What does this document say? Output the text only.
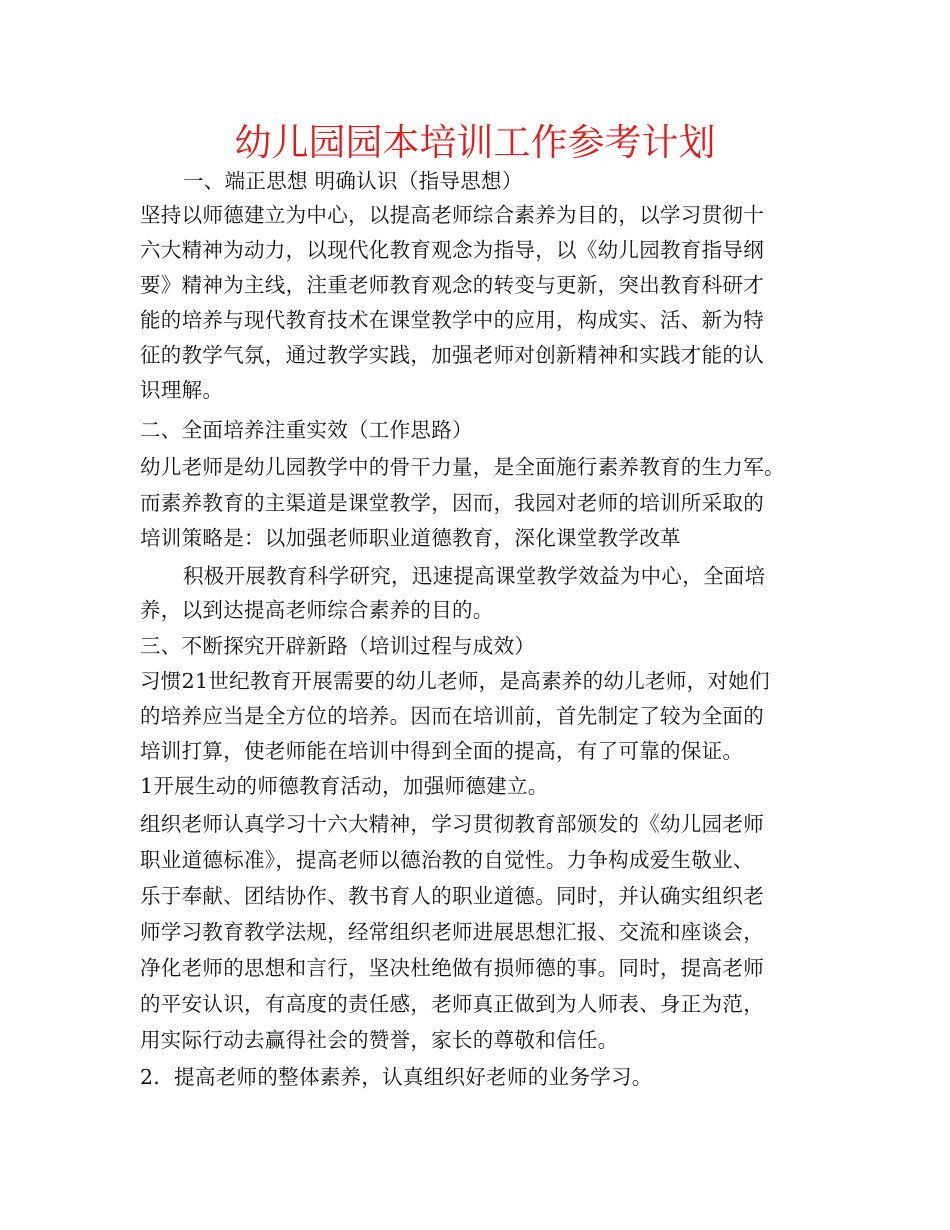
幼儿园园本培训工作参考计划
一、端正思想 明确认识（指导思想）
坚持以师德建立为中心，以提高老师综合素养为目的，以学习贯彻十
六大精神为动力，以现代化教育观念为指导，以《幼儿园教育指导纲
要》精神为主线，注重老师教育观念的转变与更新，突出教育科研才
能的培养与现代教育技术在课堂教学中的应用，构成实、活、新为特
征的教学气氛，通过教学实践，加强老师对创新精神和实践才能的认
识理解。
二、全面培养注重实效（工作思路）
幼儿老师是幼儿园教学中的骨干力量，是全面施行素养教育的生力军。
而素养教育的主渠道是课堂教学，因而，我园对老师的培训所采取的
培训策略是：以加强老师职业道德教育，深化课堂教学改革
积极开展教育科学研究，迅速提高课堂教学效益为中心，全面培
养，以到达提高老师综合素养的目的。
三、不断探究开辟新路（培训过程与成效）
习惯21世纪教育开展需要的幼儿老师，是高素养的幼儿老师，对她们
的培养应当是全方位的培养。因而在培训前，首先制定了较为全面的
培训打算，使老师能在培训中得到全面的提高，有了可靠的保证。
1开展生动的师德教育活动，加强师德建立。
组织老师认真学习十六大精神，学习贯彻教育部颁发的《幼儿园老师
职业道德标准》，提高老师以德治教的自觉性。力争构成爱生敬业、
乐于奉献、团结协作、教书育人的职业道德。同时，并认确实组织老
师学习教育教学法规，经常组织老师进展思想汇报、交流和座谈会，
净化老师的思想和言行，坚决杜绝做有损师德的事。同时，提高老师
的平安认识，有高度的责任感，老师真正做到为人师表、身正为范，
用实际行动去赢得社会的赞誉，家长的尊敬和信任。
2．提高老师的整体素养，认真组织好老师的业务学习。
